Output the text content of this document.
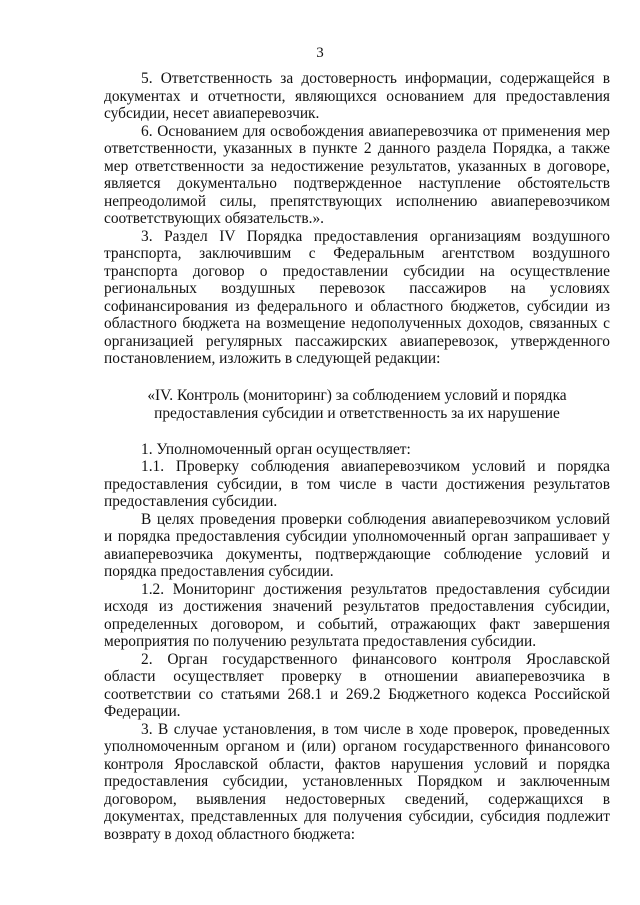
3

5. Ответственность за достоверность информации, содержащейся в документах и отчетности, являющихся основанием для предоставления субсидии, несет авиаперевозчик.

6. Основанием для освобождения авиаперевозчика от применения мер ответственности, указанных в пункте 2 данного раздела Порядка, а также мер ответственности за недостижение результатов, указанных в договоре, является документально подтвержденное наступление обстоятельств непреодолимой силы, препятствующих исполнению авиаперевозчиком соответствующих обязательств.».

3. Раздел IV Порядка предоставления организациям воздушного транспорта, заключившим с Федеральным агентством воздушного транспорта договор о предоставлении субсидии на осуществление региональных воздушных перевозок пассажиров на условиях софинансирования из федерального и областного бюджетов, субсидии из областного бюджета на возмещение недополученных доходов, связанных с организацией регулярных пассажирских авиаперевозок, утвержденного постановлением, изложить в следующей редакции:

«IV. Контроль (мониторинг) за соблюдением условий и порядка
предоставления субсидии и ответственность за их нарушение

1. Уполномоченный орган осуществляет:

1.1. Проверку соблюдения авиаперевозчиком условий и порядка предоставления субсидии, в том числе в части достижения результатов предоставления субсидии.

В целях проведения проверки соблюдения авиаперевозчиком условий и порядка предоставления субсидии уполномоченный орган запрашивает у авиаперевозчика документы, подтверждающие соблюдение условий и порядка предоставления субсидии.

1.2. Мониторинг достижения результатов предоставления субсидии исходя из достижения значений результатов предоставления субсидии, определенных договором, и событий, отражающих факт завершения мероприятия по получению результата предоставления субсидии.

2. Орган государственного финансового контроля Ярославской области осуществляет проверку в отношении авиаперевозчика в соответствии со статьями 268.1 и 269.2 Бюджетного кодекса Российской Федерации.

3. В случае установления, в том числе в ходе проверок, проведенных уполномоченным органом и (или) органом государственного финансового контроля Ярославской области, фактов нарушения условий и порядка предоставления субсидии, установленных Порядком и заключенным договором, выявления недостоверных сведений, содержащихся в документах, представленных для получения субсидии, субсидия подлежит возврату в доход областного бюджета:
